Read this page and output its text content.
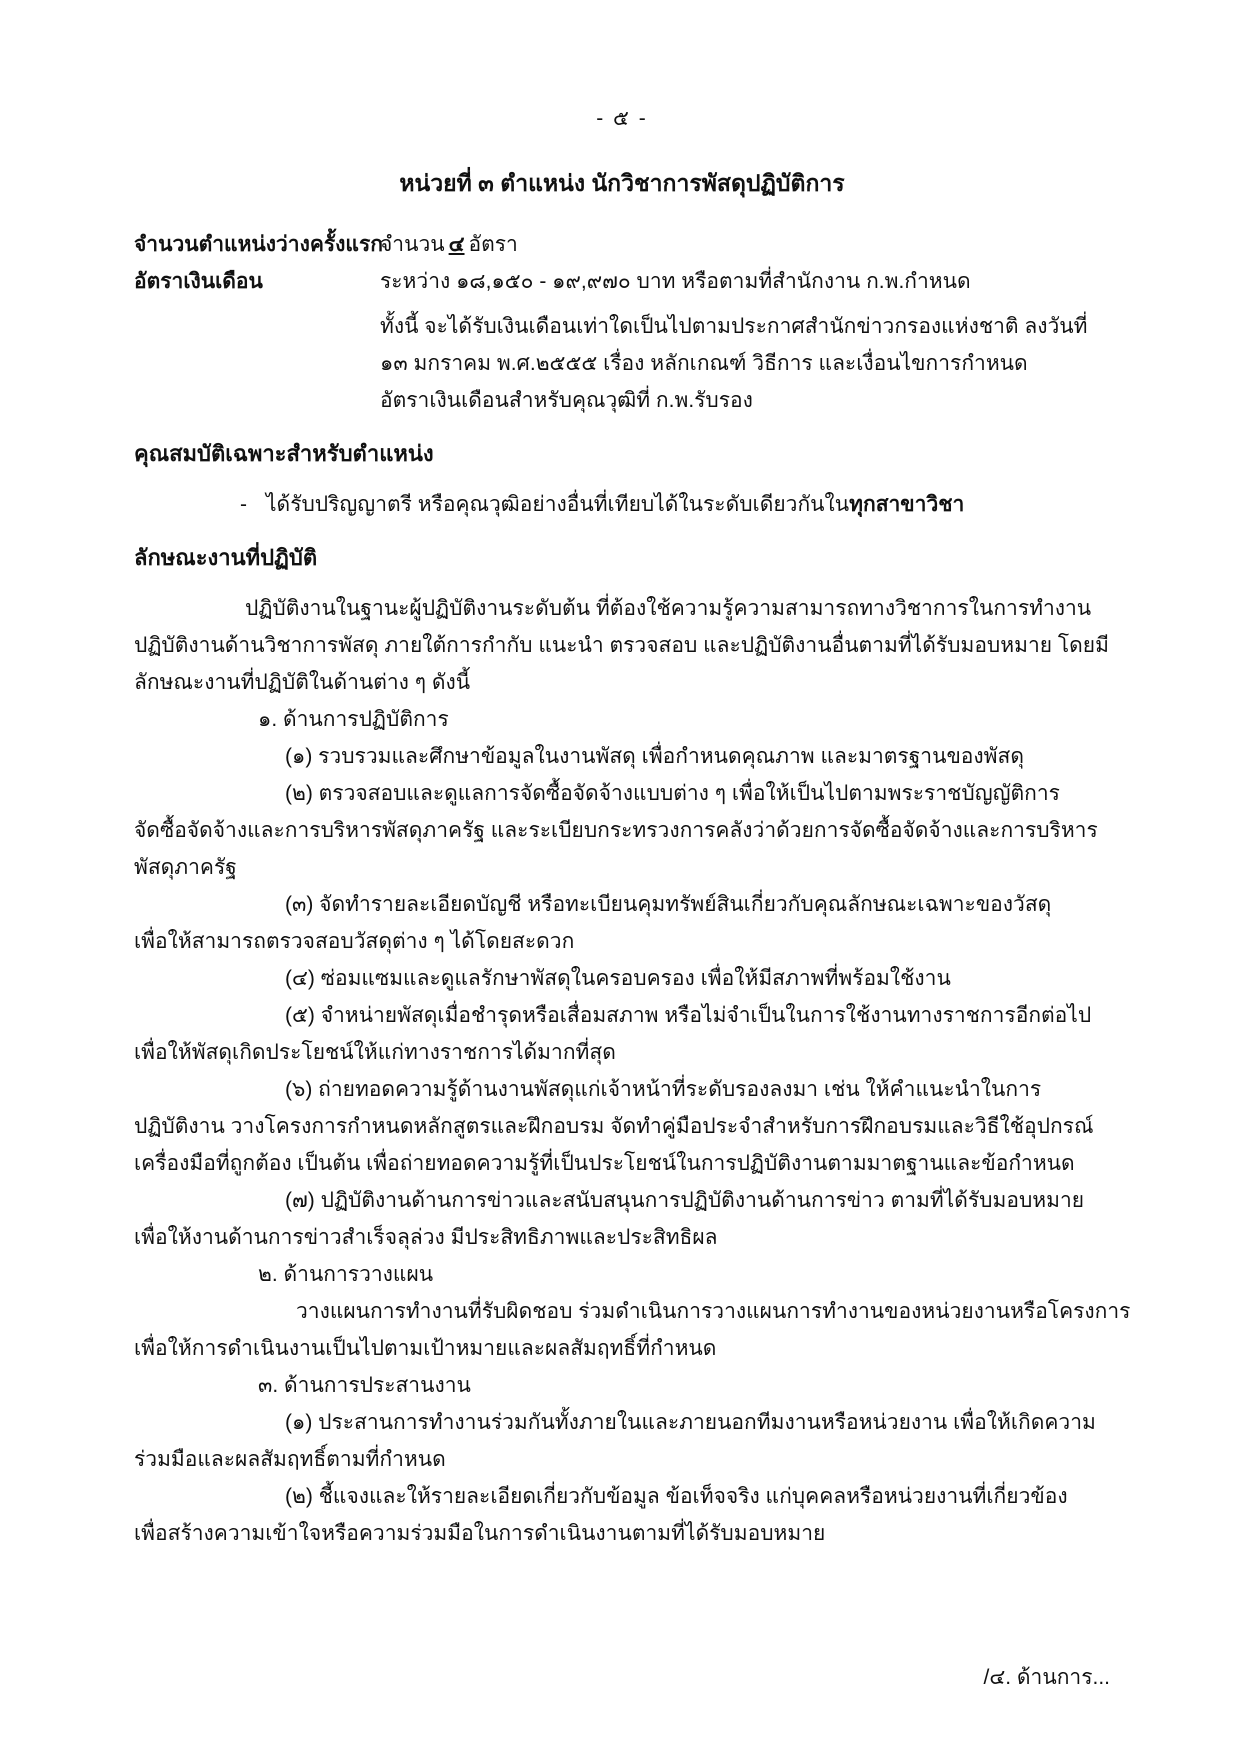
- ๕ -
หน่วยที่ ๓ ตำแหน่ง นักวิชาการพัสดุปฏิบัติการ
จำนวนตำแหน่งว่างครั้งแรก
จำนวน ๔ อัตรา
อัตราเงินเดือน	ระหว่าง ๑๘,๑๕๐ - ๑๙,๙๗๐ บาท หรือตามที่สำนักงาน ก.พ.กำหนด
ทั้งนี้ จะได้รับเงินเดือนเท่าใดเป็นไปตามประกาศสำนักข่าวกรองแห่งชาติ ลงวันที่
๑๓ มกราคม พ.ศ.๒๕๕๕ เรื่อง หลักเกณฑ์ วิธีการ และเงื่อนไขการกำหนด
อัตราเงินเดือนสำหรับคุณวุฒิที่ ก.พ.รับรอง
คุณสมบัติเฉพาะสำหรับตำแหน่ง
- ได้รับปริญญาตรี หรือคุณวุฒิอย่างอื่นที่เทียบได้ในระดับเดียวกันในทุกสาขาวิชา
ลักษณะงานที่ปฏิบัติ
ปฏิบัติงานในฐานะผู้ปฏิบัติงานระดับต้น ที่ต้องใช้ความรู้ความสามารถทางวิชาการในการทำงาน
ปฏิบัติงานด้านวิชาการพัสดุ ภายใต้การกำกับ แนะนำ ตรวจสอบ และปฏิบัติงานอื่นตามที่ได้รับมอบหมาย โดยมี
ลักษณะงานที่ปฏิบัติในด้านต่าง ๆ ดังนี้
๑. ด้านการปฏิบัติการ
(๑) รวบรวมและศึกษาข้อมูลในงานพัสดุ เพื่อกำหนดคุณภาพ และมาตรฐานของพัสดุ
(๒) ตรวจสอบและดูแลการจัดซื้อจัดจ้างแบบต่าง ๆ เพื่อให้เป็นไปตามพระราชบัญญัติการ
จัดซื้อจัดจ้างและการบริหารพัสดุภาครัฐ และระเบียบกระทรวงการคลังว่าด้วยการจัดซื้อจัดจ้างและการบริหาร
พัสดุภาครัฐ
(๓) จัดทำรายละเอียดบัญชี หรือทะเบียนคุมทรัพย์สินเกี่ยวกับคุณลักษณะเฉพาะของวัสดุ
เพื่อให้สามารถตรวจสอบวัสดุต่าง ๆ ได้โดยสะดวก
(๔) ซ่อมแซมและดูแลรักษาพัสดุในครอบครอง เพื่อให้มีสภาพที่พร้อมใช้งาน
(๕) จำหน่ายพัสดุเมื่อชำรุดหรือเสื่อมสภาพ หรือไม่จำเป็นในการใช้งานทางราชการอีกต่อไป
เพื่อให้พัสดุเกิดประโยชน์ให้แก่ทางราชการได้มากที่สุด
(๖) ถ่ายทอดความรู้ด้านงานพัสดุแก่เจ้าหน้าที่ระดับรองลงมา เช่น ให้คำแนะนำในการ
ปฏิบัติงาน วางโครงการกำหนดหลักสูตรและฝึกอบรม จัดทำคู่มือประจำสำหรับการฝึกอบรมและวิธีใช้อุปกรณ์
เครื่องมือที่ถูกต้อง เป็นต้น เพื่อถ่ายทอดความรู้ที่เป็นประโยชน์ในการปฏิบัติงานตามมาตฐานและข้อกำหนด
(๗) ปฏิบัติงานด้านการข่าวและสนับสนุนการปฏิบัติงานด้านการข่าว ตามที่ได้รับมอบหมาย
เพื่อให้งานด้านการข่าวสำเร็จลุล่วง มีประสิทธิภาพและประสิทธิผล
๒. ด้านการวางแผน
วางแผนการทำงานที่รับผิดชอบ ร่วมดำเนินการวางแผนการทำงานของหน่วยงานหรือโครงการ
เพื่อให้การดำเนินงานเป็นไปตามเป้าหมายและผลสัมฤทธิ์ที่กำหนด
๓. ด้านการประสานงาน
(๑) ประสานการทำงานร่วมกันทั้งภายในและภายนอกทีมงานหรือหน่วยงาน เพื่อให้เกิดความ
ร่วมมือและผลสัมฤทธิ์ตามที่กำหนด
(๒) ชี้แจงและให้รายละเอียดเกี่ยวกับข้อมูล ข้อเท็จจริง แก่บุคคลหรือหน่วยงานที่เกี่ยวข้อง
เพื่อสร้างความเข้าใจหรือความร่วมมือในการดำเนินงานตามที่ได้รับมอบหมาย
/๔. ด้านการ...
